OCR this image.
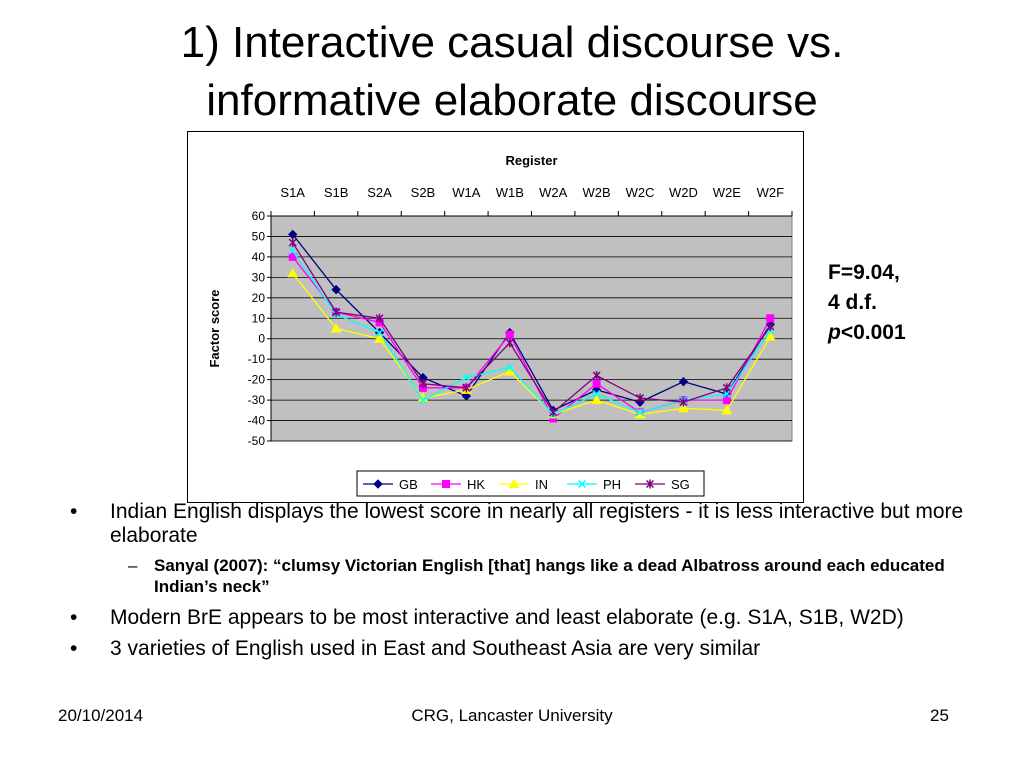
1) Interactive casual discourse vs.
informative elaborate discourse
60
50
40
30
20
10
0
-10
-20
-30
-40
-50
S1A S1B S2A S2B W1A W1B W2A W2B W2C W2D W2E W2F
Register
Factor score
GB	HK	IN	PH	SG
F=9.04,
4 d.f.
p<0.001
• Indian English displays the lowest score in nearly all registers - it is less interactive but more elaborate
– Sanyal (2007): “clumsy Victorian English [that] hangs like a dead Albatross around each educated Indian’s neck”
• Modern BrE appears to be most interactive and least elaborate (e.g. S1A, S1B, W2D)
• 3 varieties of English used in East and Southeast Asia are very similar
20/10/2014	CRG, Lancaster University	25
